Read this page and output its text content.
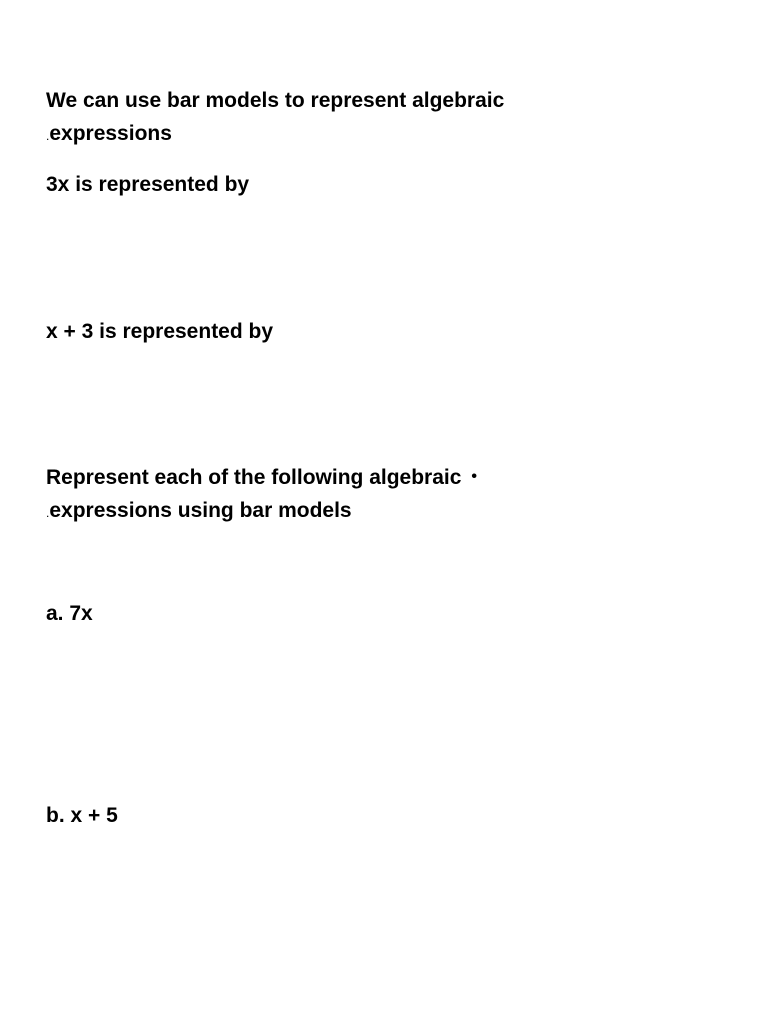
We can use bar models to represent algebraic
.expressions
3x is represented by
x + 3 is represented by
Represent each of the following algebraic •
.expressions using bar models
a. 7x
b. x + 5
